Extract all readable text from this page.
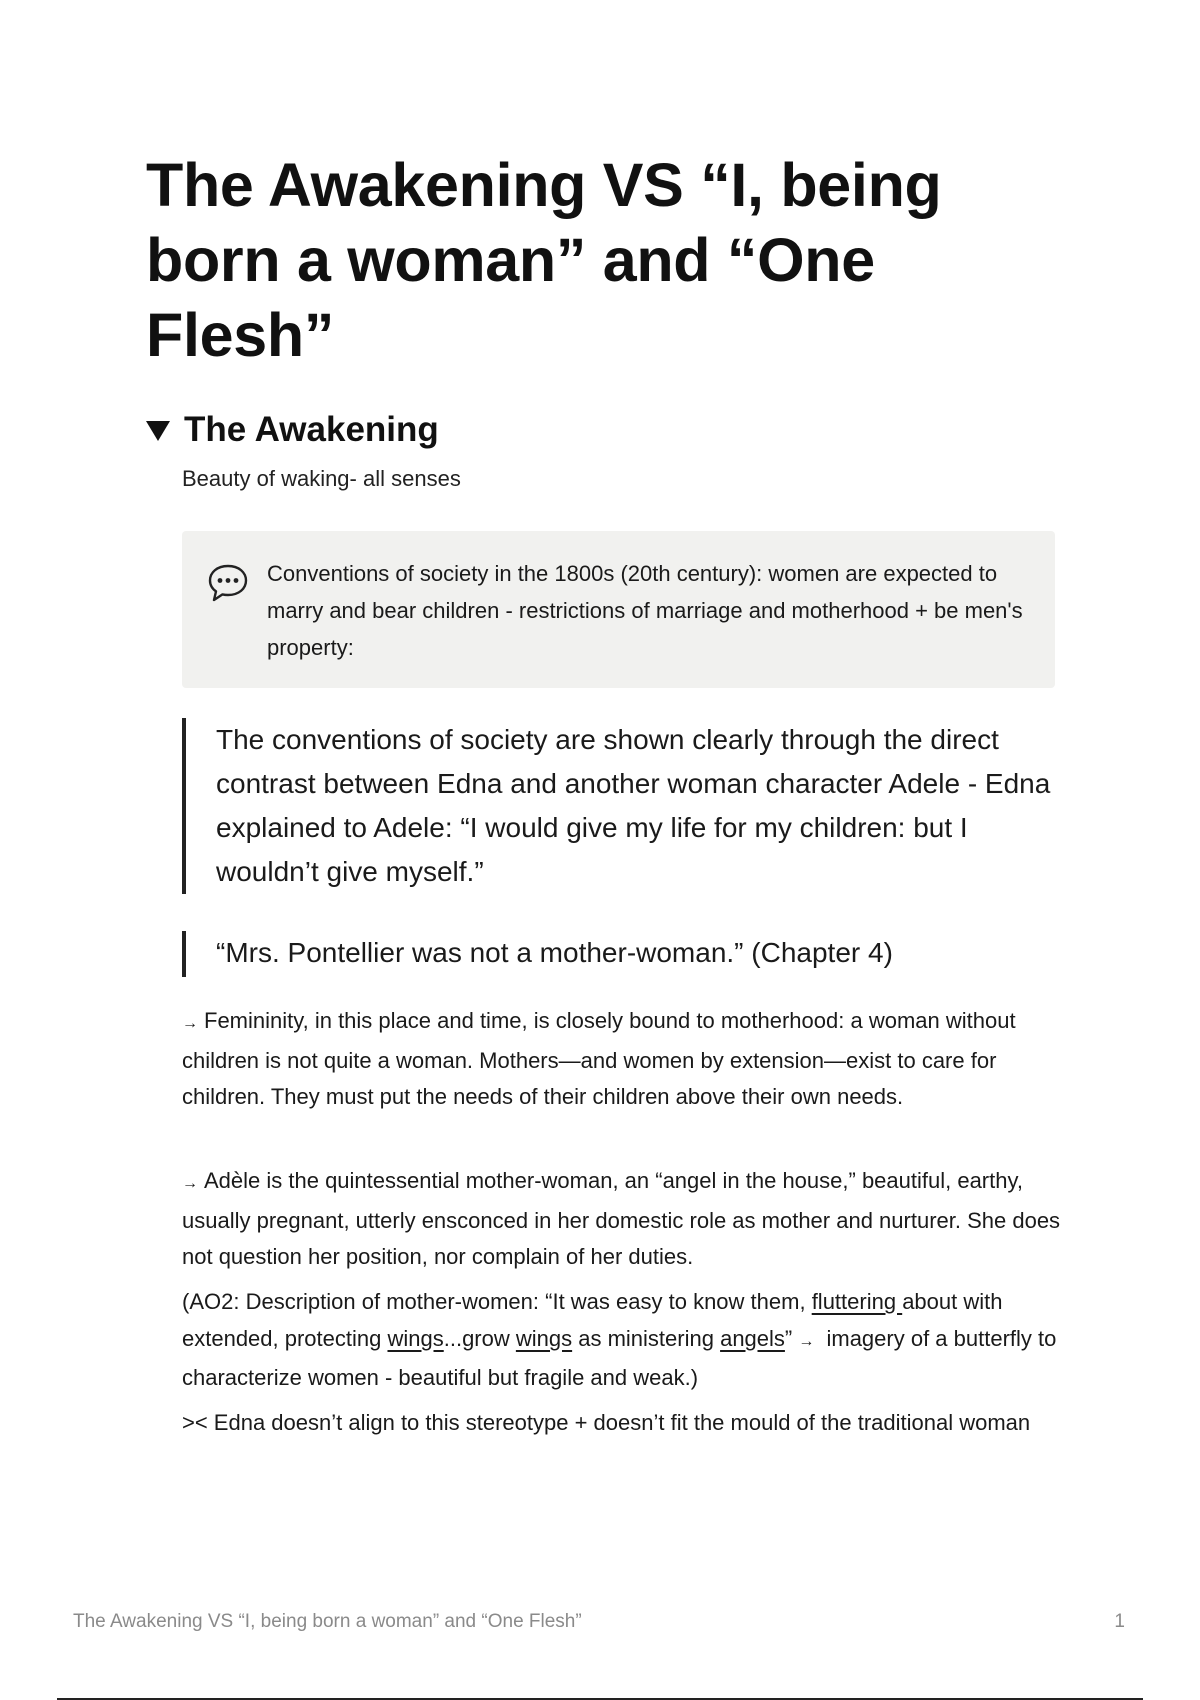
The Awakening VS “I, being born a woman” and “One Flesh”
The Awakening
Beauty of waking- all senses
Conventions of society in the 1800s (20th century): women are expected to marry and bear children - restrictions of marriage and motherhood + be men's property:
The conventions of society are shown clearly through the direct contrast between Edna and another woman character Adele - Edna explained to Adele: “I would give my life for my children: but I wouldn’t give myself.”
“Mrs. Pontellier was not a mother-woman.” (Chapter 4)

→ Femininity, in this place and time, is closely bound to motherhood: a woman without children is not quite a woman. Mothers—and women by extension—exist to care for children. They must put the needs of their children above their own needs.

→ Adèle is the quintessential mother-woman, an “angel in the house,” beautiful, earthy, usually pregnant, utterly ensconced in her domestic role as mother and nurturer. She does not question her position, nor complain of her duties.

(AO2: Description of mother-women: “It was easy to know them, fluttering about with extended, protecting wings...grow wings as ministering angels” → imagery of a butterfly to characterize women - beautiful but fragile and weak.)

>< Edna doesn’t align to this stereotype + doesn’t fit the mould of the traditional woman

The Awakening VS “I, being born a woman” and “One Flesh”	1
